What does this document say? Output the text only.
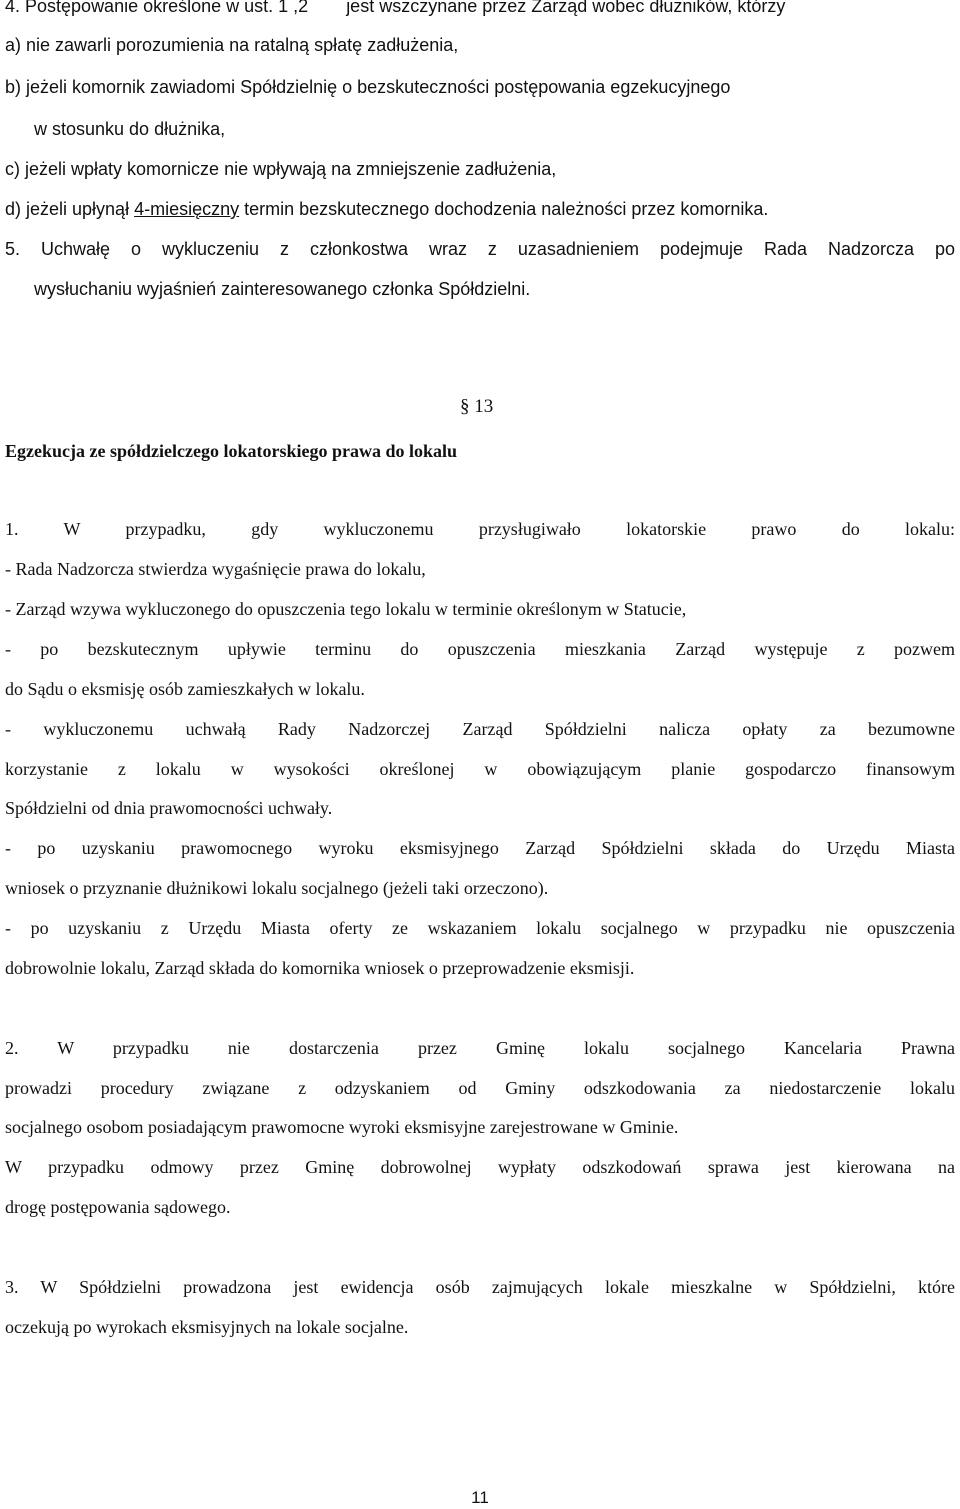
4. Postępowanie określone w ust. 1 ,2 jest wszczynane przez Zarząd wobec dłużników, którzy
a) nie zawarli porozumienia na ratalną spłatę zadłużenia,
b) jeżeli komornik zawiadomi Spółdzielnię o bezskuteczności postępowania egzekucyjnego
w stosunku do dłużnika,
c) jeżeli wpłaty komornicze nie wpływają na zmniejszenie zadłużenia,
d) jeżeli upłynął 4-miesięczny termin bezskutecznego dochodzenia należności przez komornika.
5. Uchwałę o wykluczeniu z członkostwa wraz z uzasadnieniem podejmuje Rada Nadzorcza po
wysłuchaniu wyjaśnień zainteresowanego członka Spółdzielni.
§ 13
Egzekucja ze spółdzielczego lokatorskiego prawa do lokalu
1. W przypadku, gdy wykluczonemu przysługiwało lokatorskie prawo do lokalu:
- Rada Nadzorcza stwierdza wygaśnięcie prawa do lokalu,
- Zarząd wzywa wykluczonego do opuszczenia tego lokalu w terminie określonym w Statucie,
- po bezskutecznym upływie terminu do opuszczenia mieszkania Zarząd występuje z pozwem
do Sądu o eksmisję osób zamieszkałych w lokalu.
- wykluczonemu uchwałą Rady Nadzorczej Zarząd Spółdzielni nalicza opłaty za bezumowne
korzystanie z lokalu w wysokości określonej w obowiązującym planie gospodarczo finansowym
Spółdzielni od dnia prawomocności uchwały.
- po uzyskaniu prawomocnego wyroku eksmisyjnego Zarząd Spółdzielni składa do Urzędu Miasta
wniosek o przyznanie dłużnikowi lokalu socjalnego (jeżeli taki orzeczono).
- po uzyskaniu z Urzędu Miasta oferty ze wskazaniem lokalu socjalnego w przypadku nie opuszczenia
dobrowolnie lokalu, Zarząd składa do komornika wniosek o przeprowadzenie eksmisji.
2. W przypadku nie dostarczenia przez Gminę lokalu socjalnego Kancelaria Prawna
prowadzi procedury związane z odzyskaniem od Gminy odszkodowania za niedostarczenie lokalu
socjalnego osobom posiadającym prawomocne wyroki eksmisyjne zarejestrowane w Gminie.
W przypadku odmowy przez Gminę dobrowolnej wypłaty odszkodowań sprawa jest kierowana na
drogę postępowania sądowego.
3. W Spółdzielni prowadzona jest ewidencja osób zajmujących lokale mieszkalne w Spółdzielni, które
oczekują po wyrokach eksmisyjnych na lokale socjalne.
11
